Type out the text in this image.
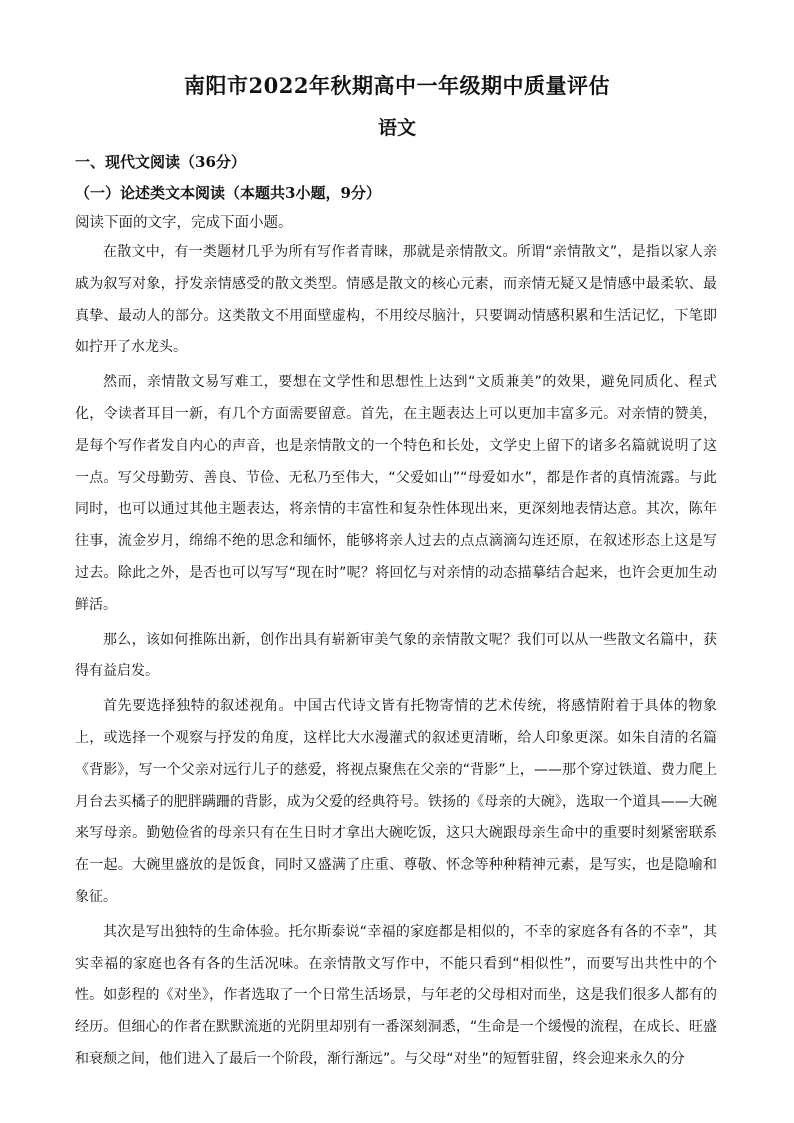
南阳市2022年秋期高中一年级期中质量评估
语文
一、现代文阅读（36分）
（一）论述类文本阅读（本题共3小题，9分）
阅读下面的文字，完成下面小题。

在散文中，有一类题材几乎为所有写作者青睐，那就是亲情散文。所谓“亲情散文”，是指以家人亲戚为叙写对象，抒发亲情感受的散文类型。情感是散文的核心元素，而亲情无疑又是情感中最柔软、最真挚、最动人的部分。这类散文不用面壁虚构，不用绞尽脑汁，只要调动情感积累和生活记忆，下笔即如拧开了水龙头。

然而，亲情散文易写难工，要想在文学性和思想性上达到“文质兼美”的效果，避免同质化、程式化，令读者耳目一新，有几个方面需要留意。首先，在主题表达上可以更加丰富多元。对亲情的赞美，是每个写作者发自内心的声音，也是亲情散文的一个特色和长处，文学史上留下的诸多名篇就说明了这一点。写父母勤劳、善良、节俭、无私乃至伟大，“父爱如山”“母爱如水”，都是作者的真情流露。与此同时，也可以通过其他主题表达，将亲情的丰富性和复杂性体现出来，更深刻地表情达意。其次，陈年往事，流金岁月，绵绵不绝的思念和缅怀，能够将亲人过去的点点滴滴勾连还原，在叙述形态上这是写过去。除此之外，是否也可以写写“现在时”呢？将回忆与对亲情的动态描摹结合起来，也许会更加生动鲜活。

那么，该如何推陈出新，创作出具有崭新审美气象的亲情散文呢？我们可以从一些散文名篇中，获得有益启发。

首先要选择独特的叙述视角。中国古代诗文皆有托物寄情的艺术传统，将感情附着于具体的物象上，或选择一个观察与抒发的角度，这样比大水漫灌式的叙述更清晰，给人印象更深。如朱自清的名篇《背影》，写一个父亲对远行儿子的慈爱，将视点聚焦在父亲的“背影”上，——那个穿过铁道、费力爬上月台去买橘子的肥胖蹒跚的背影，成为父爱的经典符号。铁扬的《母亲的大碗》，选取一个道具——大碗来写母亲。勤勉俭省的母亲只有在生日时才拿出大碗吃饭，这只大碗跟母亲生命中的重要时刻紧密联系在一起。大碗里盛放的是饭食，同时又盛满了庄重、尊敬、怀念等种种精神元素，是写实，也是隐喻和象征。

其次是写出独特的生命体验。托尔斯泰说“幸福的家庭都是相似的，不幸的家庭各有各的不幸”，其实幸福的家庭也各有各的生活况味。在亲情散文写作中，不能只看到“相似性”，而要写出共性中的个性。如彭程的《对坐》，作者选取了一个日常生活场景，与年老的父母相对而坐，这是我们很多人都有的经历。但细心的作者在默默流逝的光阴里却别有一番深刻洞悉，“生命是一个缓慢的流程，在成长、旺盛和衰颓之间，他们进入了最后一个阶段，渐行渐远”。与父母“对坐”的短暂驻留，终会迎来永久的分
